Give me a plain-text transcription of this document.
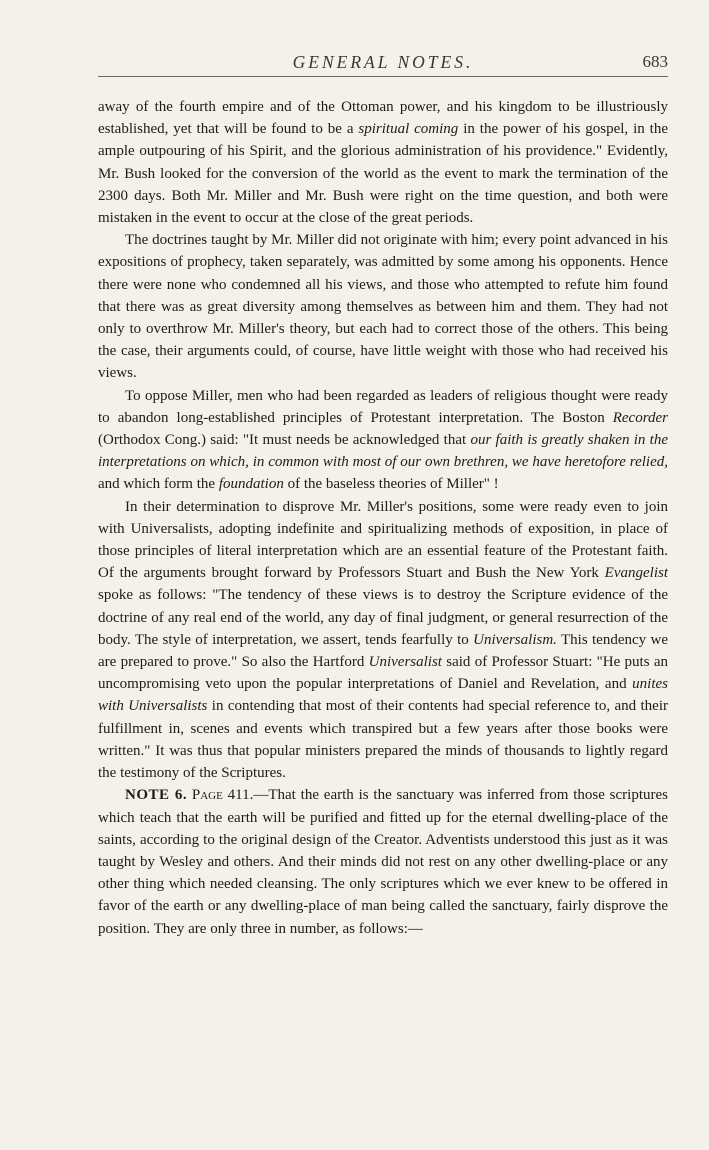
GENERAL NOTES.	683

away of the fourth empire and of the Ottoman power, and his kingdom to be illustriously established, yet that will be found to be a spiritual coming in the power of his gospel, in the ample outpouring of his Spirit, and the glorious administration of his providence." Evidently, Mr. Bush looked for the conversion of the world as the event to mark the termination of the 2300 days. Both Mr. Miller and Mr. Bush were right on the time question, and both were mistaken in the event to occur at the close of the great periods.

The doctrines taught by Mr. Miller did not originate with him; every point advanced in his expositions of prophecy, taken separately, was admitted by some among his opponents. Hence there were none who condemned all his views, and those who attempted to refute him found that there was as great diversity among themselves as between him and them. They had not only to overthrow Mr. Miller's theory, but each had to correct those of the others. This being the case, their arguments could, of course, have little weight with those who had received his views.

To oppose Miller, men who had been regarded as leaders of religious thought were ready to abandon long-established principles of Protestant interpretation. The Boston Recorder (Orthodox Cong.) said: "It must needs be acknowledged that our faith is greatly shaken in the interpretations on which, in common with most of our own brethren, we have heretofore relied, and which form the foundation of the baseless theories of Miller" !

In their determination to disprove Mr. Miller's positions, some were ready even to join with Universalists, adopting indefinite and spiritualizing methods of exposition, in place of those principles of literal interpretation which are an essential feature of the Protestant faith. Of the arguments brought forward by Professors Stuart and Bush the New York Evangelist spoke as follows: "The tendency of these views is to destroy the Scripture evidence of the doctrine of any real end of the world, any day of final judgment, or general resurrection of the body. The style of interpretation, we assert, tends fearfully to Universalism. This tendency we are prepared to prove." So also the Hartford Universalist said of Professor Stuart: "He puts an uncompromising veto upon the popular interpretations of Daniel and Revelation, and unites with Universalists in contending that most of their contents had special reference to, and their fulfillment in, scenes and events which transpired but a few years after those books were written." It was thus that popular ministers prepared the minds of thousands to lightly regard the testimony of the Scriptures.

NOTE 6. Page 411.—That the earth is the sanctuary was inferred from those scriptures which teach that the earth will be purified and fitted up for the eternal dwelling-place of the saints, according to the original design of the Creator. Adventists understood this just as it was taught by Wesley and others. And their minds did not rest on any other dwelling-place or any other thing which needed cleansing. The only scriptures which we ever knew to be offered in favor of the earth or any dwelling-place of man being called the sanctuary, fairly disprove the position. They are only three in number, as follows:—
